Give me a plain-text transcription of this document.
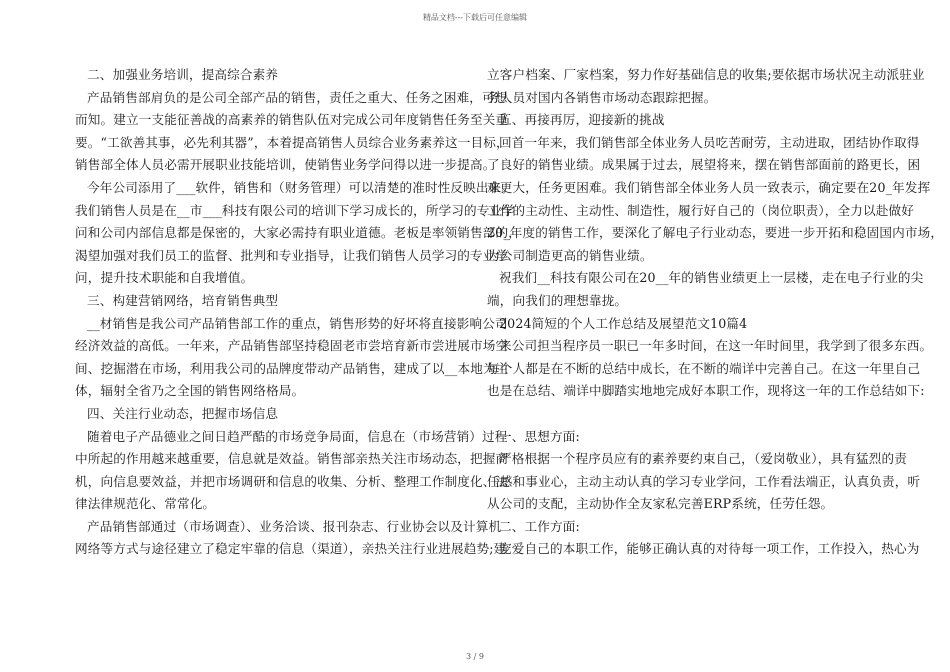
精品文档---下载后可任意编辑
二、加强业务培训，提高综合素养
产品销售部肩负的是公司全部产品的销售，责任之重大、任务之困难，可想
而知。建立一支能征善战的高素养的销售队伍对完成公司年度销售任务至关重
要。“工欲善其事，必先利其器”，本着提高销售人员综合业务素养这一目标，
销售部全体人员必需开展职业技能培训，使销售业务学问得以进一步提高。
今年公司添用了___软件，销售和（财务管理）可以清楚的准时性反映出来。
我们销售人员是在__市___科技有限公司的培训下学习成长的，所学习的专业学
问和公司内部信息都是保密的，大家必需持有职业道德。老板是率领销售部的，
渴望加强对我们员工的监督、批判和专业指导，让我们销售人员学习的专业学
问，提升技术职能和自我增值。
三、构建营销网络，培育销售典型
__材销售是我公司产品销售部工作的重点，销售形势的好坏将直接影响公司
经济效益的高低。一年来，产品销售部坚持稳固老市尝培育新市尝进展市场空
间、挖掘潜在市场，利用我公司的品牌度带动产品销售，建成了以__本地为主
体，辐射全省乃之全国的销售网络格局。
四、关注行业动态，把握市场信息
随着电子产品德业之间日趋严酷的市场竞争局面，信息在（市场营销）过程
中所起的作用越来越重要，信息就是效益。销售部亲热关注市场动态，把握商
机，向信息要效益，并把市场调研和信息的收集、分析、整理工作制度化、法
律法律规范化、常常化。
产品销售部通过（市场调查）、业务洽谈、报刊杂志、行业协会以及计算机
网络等方式与途径建立了稳定牢靠的信息（渠道），亲热关注行业进展趋势;建
立客户档案、厂家档案，努力作好基础信息的收集;要依据市场状况主动派驻业
务人员对国内各销售市场动态跟踪把握。
五、再接再厉，迎接新的挑战
回首一年来，我们销售部全体业务人员吃苦耐劳，主动进取，团结协作取得
了良好的销售业绩。成果属于过去，展望将来，摆在销售部面前的路更长，困
难更大，任务更困难。我们销售部全体业务人员一致表示，确定要在20_年发挥
工作的主动性、主动性、制造性，履行好自己的（岗位职责），全力以赴做好
20_年度的销售工作，要深化了解电子行业动态，要进一步开拓和稳固国内市场，
为公司制造更高的销售业绩。
祝我们__科技有限公司在20__年的销售业绩更上一层楼，走在电子行业的尖
端，向我们的理想靠拢。
2024简短的个人工作总结及展望范文10篇4
来公司担当程序员一职已一年多时间，在这一年时间里，我学到了很多东西。
每个人都是在不断的总结中成长，在不断的端详中完善自己。在这一年里自己
也是在总结、端详中脚踏实地地完成好本职工作，现将这一年的工作总结如下:
一、思想方面:
严格根据一个程序员应有的素养要约束自己，（爱岗敬业），具有猛烈的责
任感和事业心，主动主动认真的学习专业学问，工作看法端正，认真负责，听
从公司的支配，主动协作全友家私完善ERP系统，任劳任怨。
二、工作方面:
宠爱自己的本职工作，能够正确认真的对待每一项工作，工作投入，热心为
3 / 9
